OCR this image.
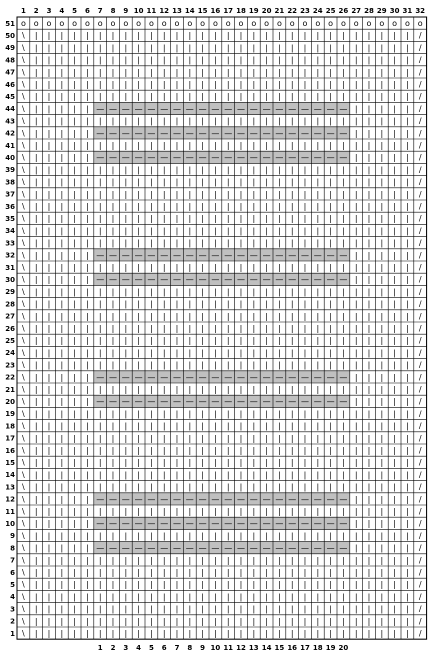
1 2 3 4 5 6 7 8 9 10 11 12 13 14 15 16 17 18 19 20 21 22 23 24 25 26 27 28 29 30 31 32
1 2 3 4 5 6 7 8 9 10 11 12 13 14 15 16 17 18 19 20
51
50
49
48
47
46
45
44
43
42
41
40
39
38
37
36
35
34
33
32
31
30
29
28
27
26
25
24
23
22
21
20
19
18
17
16
15
14
13
12
11
10
9
8
7
6
5
4
3
2
1
o o o o o o o o o o o o o o o o o o o o o o o o o o o o o o o o
\ | | | | | | | | | | | | | | | | | | | | | | | | | | | | | | /
\ | | | | | | | | | | | | | | | | | | | | | | | | | | | | | | /
\ | | | | | | | | | | | | | | | | | | | | | | | | | | | | | | /
\ | | | | | | | | | | | | | | | | | | | | | | | | | | | | | | /
\ | | | | | | | | | | | | | | | | | | | | | | | | | | | | | | /
\ | | | | | | | | | | | | | | | | | | | | | | | | | | | | | | /
\ | | | | | — — — — — — — — — — — — — — — — — — — — | | | | | /
\ | | | | | | | | | | | | | | | | | | | | | | | | | | | | | | /
\ | | | | | — — — — — — — — — — — — — — — — — — — — | | | | | /
\ | | | | | | | | | | | | | | | | | | | | | | | | | | | | | | /
\ | | | | | — — — — — — — — — — — — — — — — — — — — | | | | | /
\ | | | | | | | | | | | | | | | | | | | | | | | | | | | | | | /
\ | | | | | | | | | | | | | | | | | | | | | | | | | | | | | | /
\ | | | | | | | | | | | | | | | | | | | | | | | | | | | | | | /
\ | | | | | | | | | | | | | | | | | | | | | | | | | | | | | | /
\ | | | | | | | | | | | | | | | | | | | | | | | | | | | | | | /
\ | | | | | | | | | | | | | | | | | | | | | | | | | | | | | | /
\ | | | | | | | | | | | | | | | | | | | | | | | | | | | | | | /
\ | | | | | — — — — — — — — — — — — — — — — — — — — | | | | | /
\ | | | | | | | | | | | | | | | | | | | | | | | | | | | | | | /
\ | | | | | — — — — — — — — — — — — — — — — — — — — | | | | | /
\ | | | | | | | | | | | | | | | | | | | | | | | | | | | | | | /
\ | | | | | | | | | | | | | | | | | | | | | | | | | | | | | | /
\ | | | | | | | | | | | | | | | | | | | | | | | | | | | | | | /
\ | | | | | | | | | | | | | | | | | | | | | | | | | | | | | | /
\ | | | | | | | | | | | | | | | | | | | | | | | | | | | | | | /
\ | | | | | | | | | | | | | | | | | | | | | | | | | | | | | | /
\ | | | | | | | | | | | | | | | | | | | | | | | | | | | | | | /
\ | | | | | — — — — — — — — — — — — — — — — — — — — | | | | | /
\ | | | | | | | | | | | | | | | | | | | | | | | | | | | | | | /
\ | | | | | — — — — — — — — — — — — — — — — — — — — | | | | | /
\ | | | | | | | | | | | | | | | | | | | | | | | | | | | | | | /
\ | | | | | | | | | | | | | | | | | | | | | | | | | | | | | | /
\ | | | | | | | | | | | | | | | | | | | | | | | | | | | | | | /
\ | | | | | | | | | | | | | | | | | | | | | | | | | | | | | | /
\ | | | | | | | | | | | | | | | | | | | | | | | | | | | | | | /
\ | | | | | | | | | | | | | | | | | | | | | | | | | | | | | | /
\ | | | | | | | | | | | | | | | | | | | | | | | | | | | | | | /
\ | | | | | — — — — — — — — — — — — — — — — — — — — | | | | | /
\ | | | | | | | | | | | | | | | | | | | | | | | | | | | | | | /
\ | | | | | — — — — — — — — — — — — — — — — — — — — | | | | | /
\ | | | | | | | | | | | | | | | | | | | | | | | | | | | | | | /
\ | | | | | — — — — — — — — — — — — — — — — — — — — | | | | | /
\ | | | | | | | | | | | | | | | | | | | | | | | | | | | | | | /
\ | | | | | | | | | | | | | | | | | | | | | | | | | | | | | | /
\ | | | | | | | | | | | | | | | | | | | | | | | | | | | | | | /
\ | | | | | | | | | | | | | | | | | | | | | | | | | | | | | | /
\ | | | | | | | | | | | | | | | | | | | | | | | | | | | | | | /
\ | | | | | | | | | | | | | | | | | | | | | | | | | | | | | | /
\ | | | | | | | | | | | | | | | | | | | | | | | | | | | | | | /
